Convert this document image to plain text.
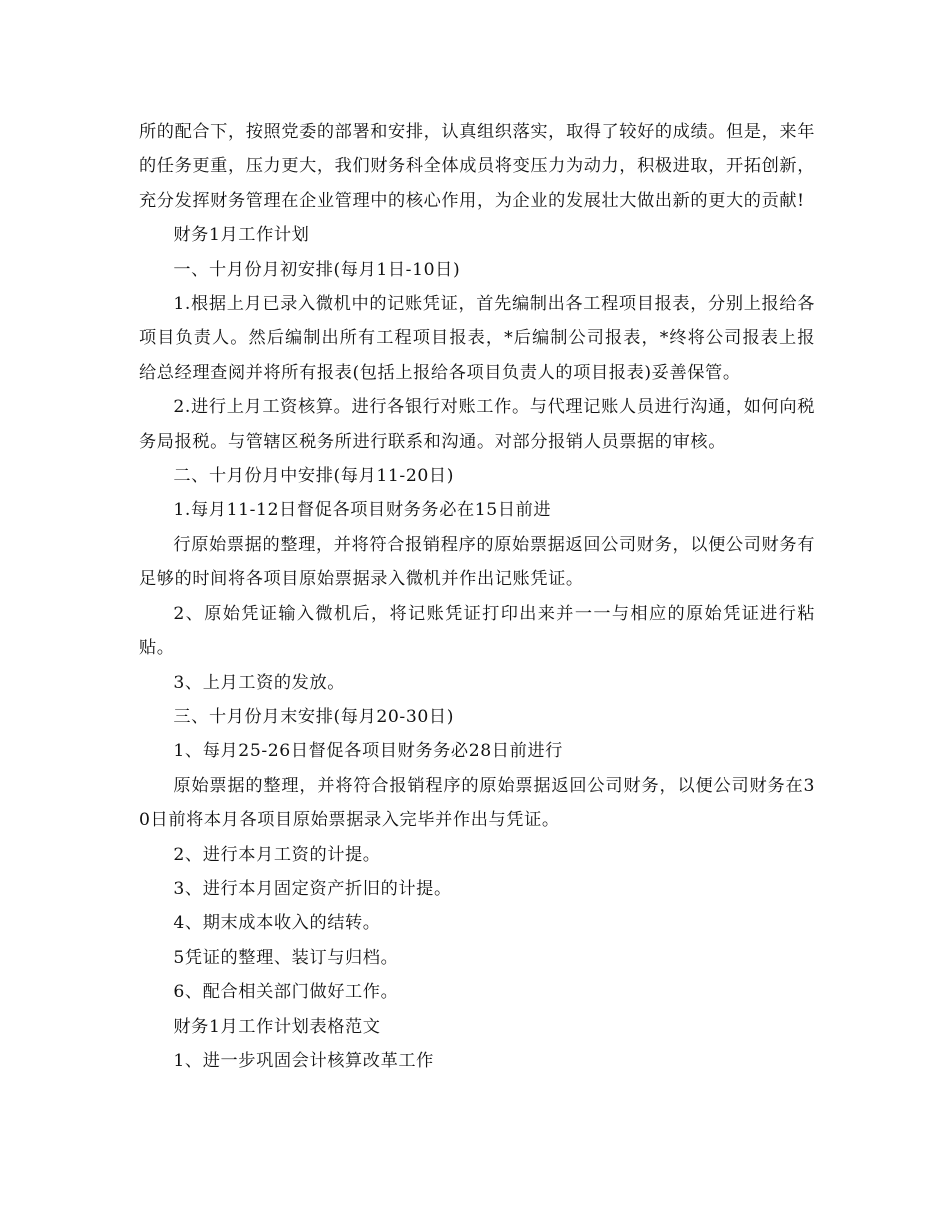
所的配合下，按照党委的部署和安排，认真组织落实，取得了较好的成绩。但是，来年的任务更重，压力更大，我们财务科全体成员将变压力为动力，积极进取，开拓创新，充分发挥财务管理在企业管理中的核心作用，为企业的发展壮大做出新的更大的贡献!

财务1月工作计划

一、十月份月初安排(每月1日-10日)

1.根据上月已录入微机中的记账凭证，首先编制出各工程项目报表，分别上报给各项目负责人。然后编制出所有工程项目报表，*后编制公司报表，*终将公司报表上报给总经理查阅并将所有报表(包括上报给各项目负责人的项目报表)妥善保管。

2.进行上月工资核算。进行各银行对账工作。与代理记账人员进行沟通，如何向税务局报税。与管辖区税务所进行联系和沟通。对部分报销人员票据的审核。

二、十月份月中安排(每月11-20日)

1.每月11-12日督促各项目财务务必在15日前进

行原始票据的整理，并将符合报销程序的原始票据返回公司财务，以便公司财务有足够的时间将各项目原始票据录入微机并作出记账凭证。

2、原始凭证输入微机后，将记账凭证打印出来并一一与相应的原始凭证进行粘贴。

3、上月工资的发放。

三、十月份月末安排(每月20-30日)

1、每月25-26日督促各项目财务务必28日前进行

原始票据的整理，并将符合报销程序的原始票据返回公司财务，以便公司财务在30日前将本月各项目原始票据录入完毕并作出与凭证。

2、进行本月工资的计提。

3、进行本月固定资产折旧的计提。

4、期末成本收入的结转。

5凭证的整理、装订与归档。

6、配合相关部门做好工作。

财务1月工作计划表格范文

1、进一步巩固会计核算改革工作
